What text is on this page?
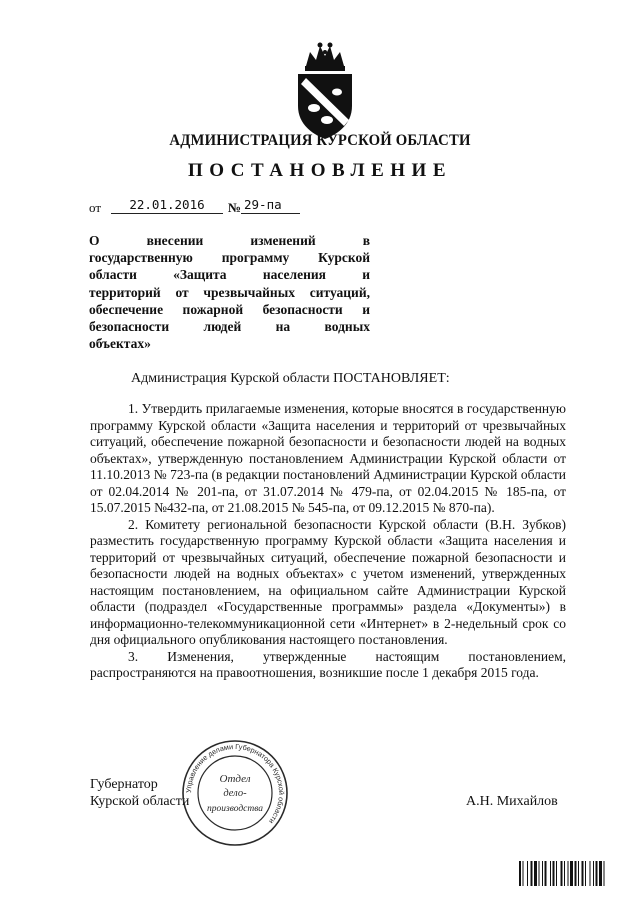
АДМИНИСТРАЦИЯ КУРСКОЙ ОБЛАСТИ
ПОСТАНОВЛЕНИЕ
от	22.01.2016	№ 29-па
О внесении изменений в
государственную программу Курской
области «Защита населения и
территорий от чрезвычайных ситуаций,
обеспечение пожарной безопасности и
безопасности людей на водных
объектах»
Администрация Курской области ПОСТАНОВЛЯЕТ:

1. Утвердить прилагаемые изменения, которые вносятся в государственную программу Курской области «Защита населения и территорий от чрезвычайных ситуаций, обеспечение пожарной безопасности и безопасности людей на водных объектах», утвержденную постановлением Администрации Курской области от 11.10.2013 № 723-па (в редакции постановлений Администрации Курской области от 02.04.2014 № 201-па, от 31.07.2014 № 479-па, от 02.04.2015 № 185-па, от 15.07.2015 №432-па, от 21.08.2015 № 545-па, от 09.12.2015 № 870-па).

2. Комитету региональной безопасности Курской области (В.Н. Зубков) разместить государственную программу Курской области «Защита населения и территорий от чрезвычайных ситуаций, обеспечение пожарной безопасности и безопасности людей на водных объектах» с учетом изменений, утвержденных настоящим постановлением, на официальном сайте Администрации Курской области (подраздел «Государственные программы» раздела «Документы») в информационно-телекоммуникационной сети «Интернет» в 2-недельный срок со дня официального опубликования настоящего постановления.

3. Изменения, утвержденные настоящим постановлением, распространяются на правоотношения, возникшие после 1 декабря 2015 года.

Губернатор
Курской области	А.Н. Михайлов
Управление делами Губернатора Курской области
Отдел
дело-
производства
